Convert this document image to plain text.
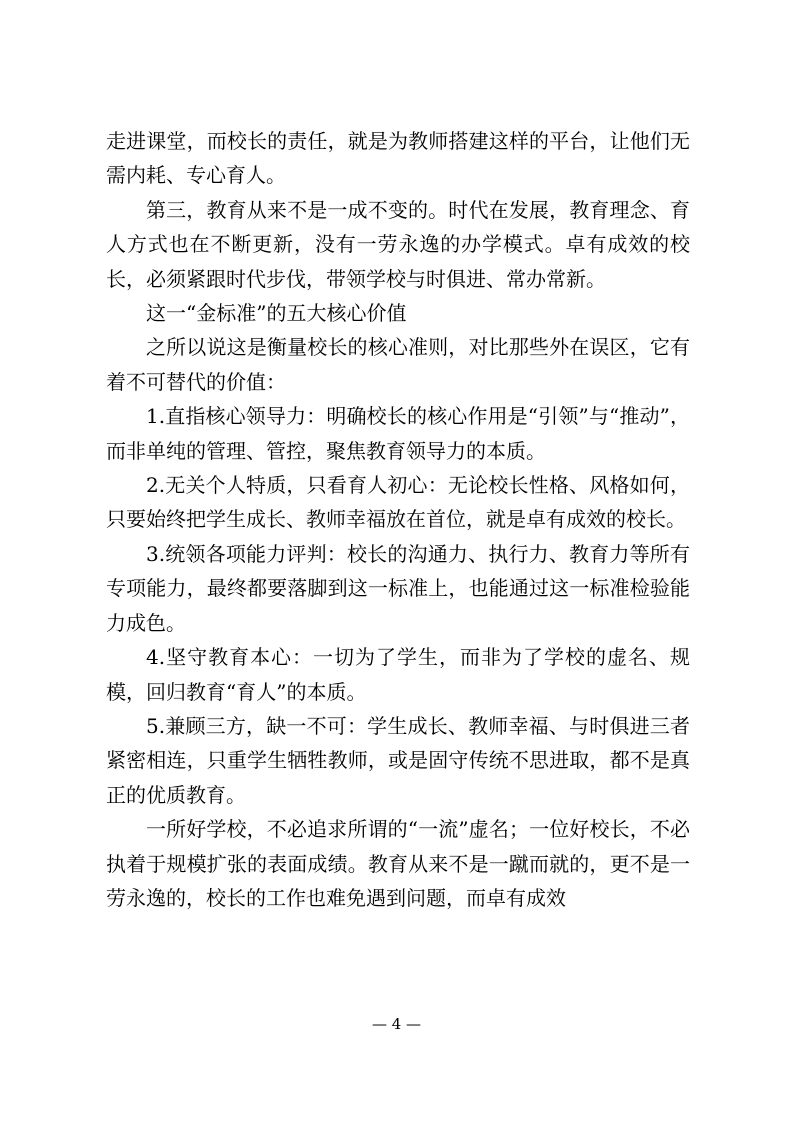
走进课堂，而校长的责任，就是为教师搭建这样的平台，让他们无需内耗、专心育人。

第三，教育从来不是一成不变的。时代在发展，教育理念、育人方式也在不断更新，没有一劳永逸的办学模式。卓有成效的校长，必须紧跟时代步伐，带领学校与时俱进、常办常新。

这一“金标准”的五大核心价值

之所以说这是衡量校长的核心准则，对比那些外在误区，它有着不可替代的价值：

1.直指核心领导力：明确校长的核心作用是“引领”与“推动”，而非单纯的管理、管控，聚焦教育领导力的本质。

2.无关个人特质，只看育人初心：无论校长性格、风格如何，只要始终把学生成长、教师幸福放在首位，就是卓有成效的校长。

3.统领各项能力评判：校长的沟通力、执行力、教育力等所有专项能力，最终都要落脚到这一标准上，也能通过这一标准检验能力成色。

4.坚守教育本心：一切为了学生，而非为了学校的虚名、规模，回归教育“育人”的本质。

5.兼顾三方，缺一不可：学生成长、教师幸福、与时俱进三者紧密相连，只重学生牺牲教师，或是固守传统不思进取，都不是真正的优质教育。

一所好学校，不必追求所谓的“一流”虚名；一位好校长，不必执着于规模扩张的表面成绩。教育从来不是一蹴而就的，更不是一劳永逸的，校长的工作也难免遇到问题，而卓有成效

— 4 —
